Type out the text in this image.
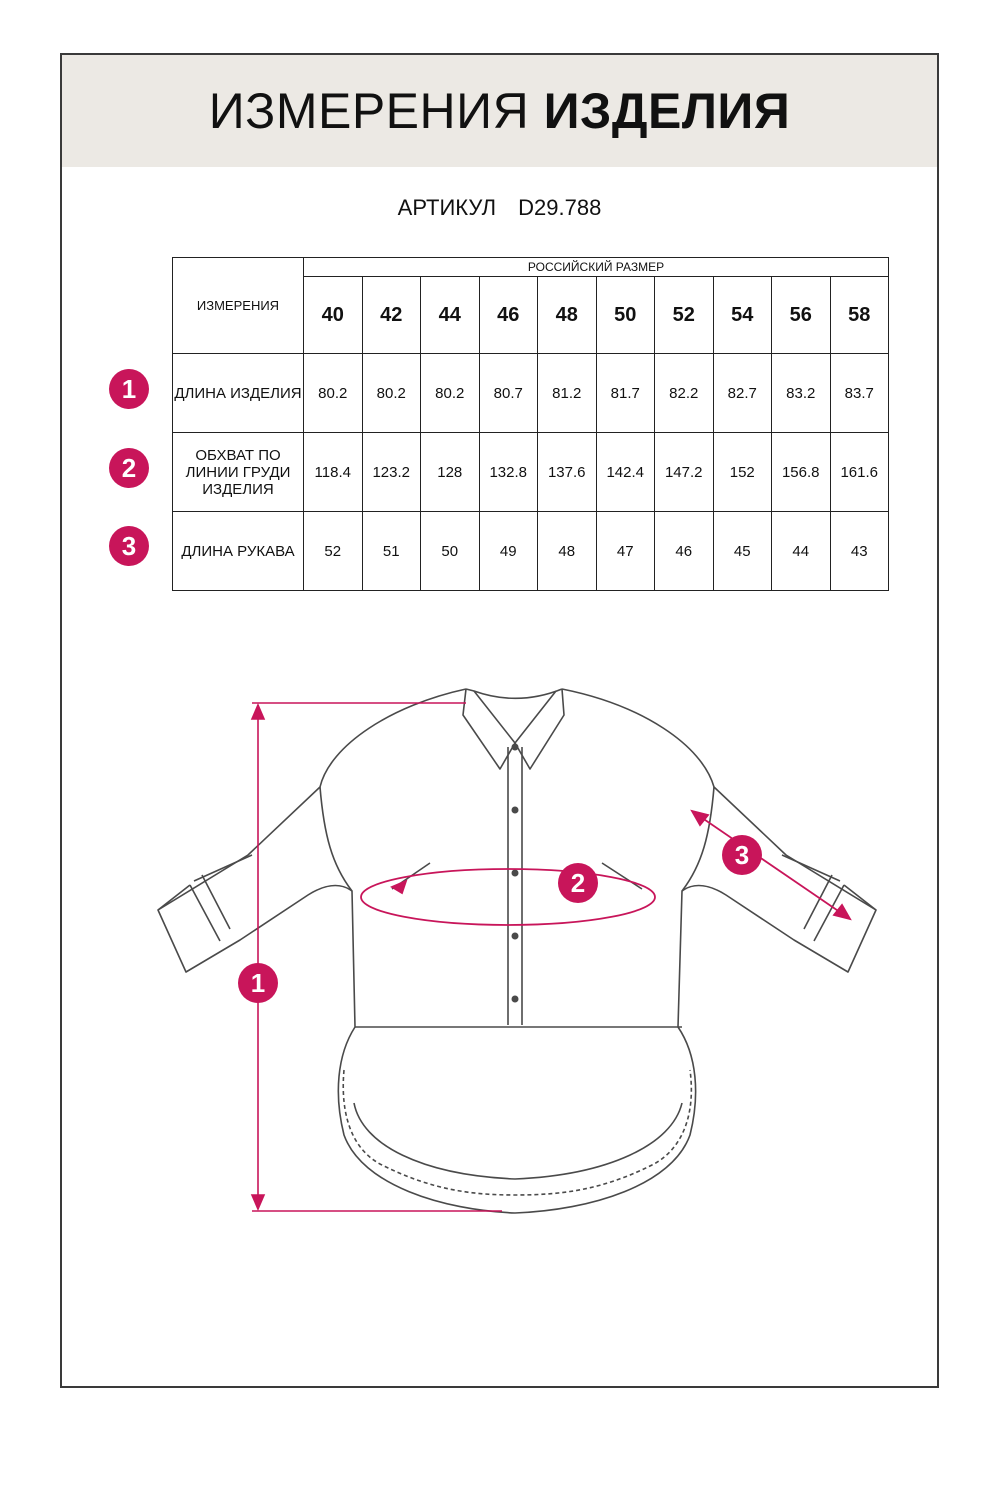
ИЗМЕРЕНИЯ ИЗДЕЛИЯ
АРТИКУЛ D29.788
ИЗМЕРЕНИЯ	РОССИЙСКИЙ РАЗМЕР									
	40	42	44	46	48	50	52	54	56	58
ДЛИНА ИЗДЕЛИЯ	80.2	80.2	80.2	80.7	81.2	81.7	82.2	82.7	83.2	83.7

ОБХВАТ ПО
ЛИНИИ ГРУДИ
ИЗДЕЛИЯ	118.4	123.2	128	132.8	137.6	142.4	147.2	152	156.8	161.6
ДЛИНА РУКАВА	52	51	50	49	48	47	46	45	44	43
1
2
3
1
2
3
